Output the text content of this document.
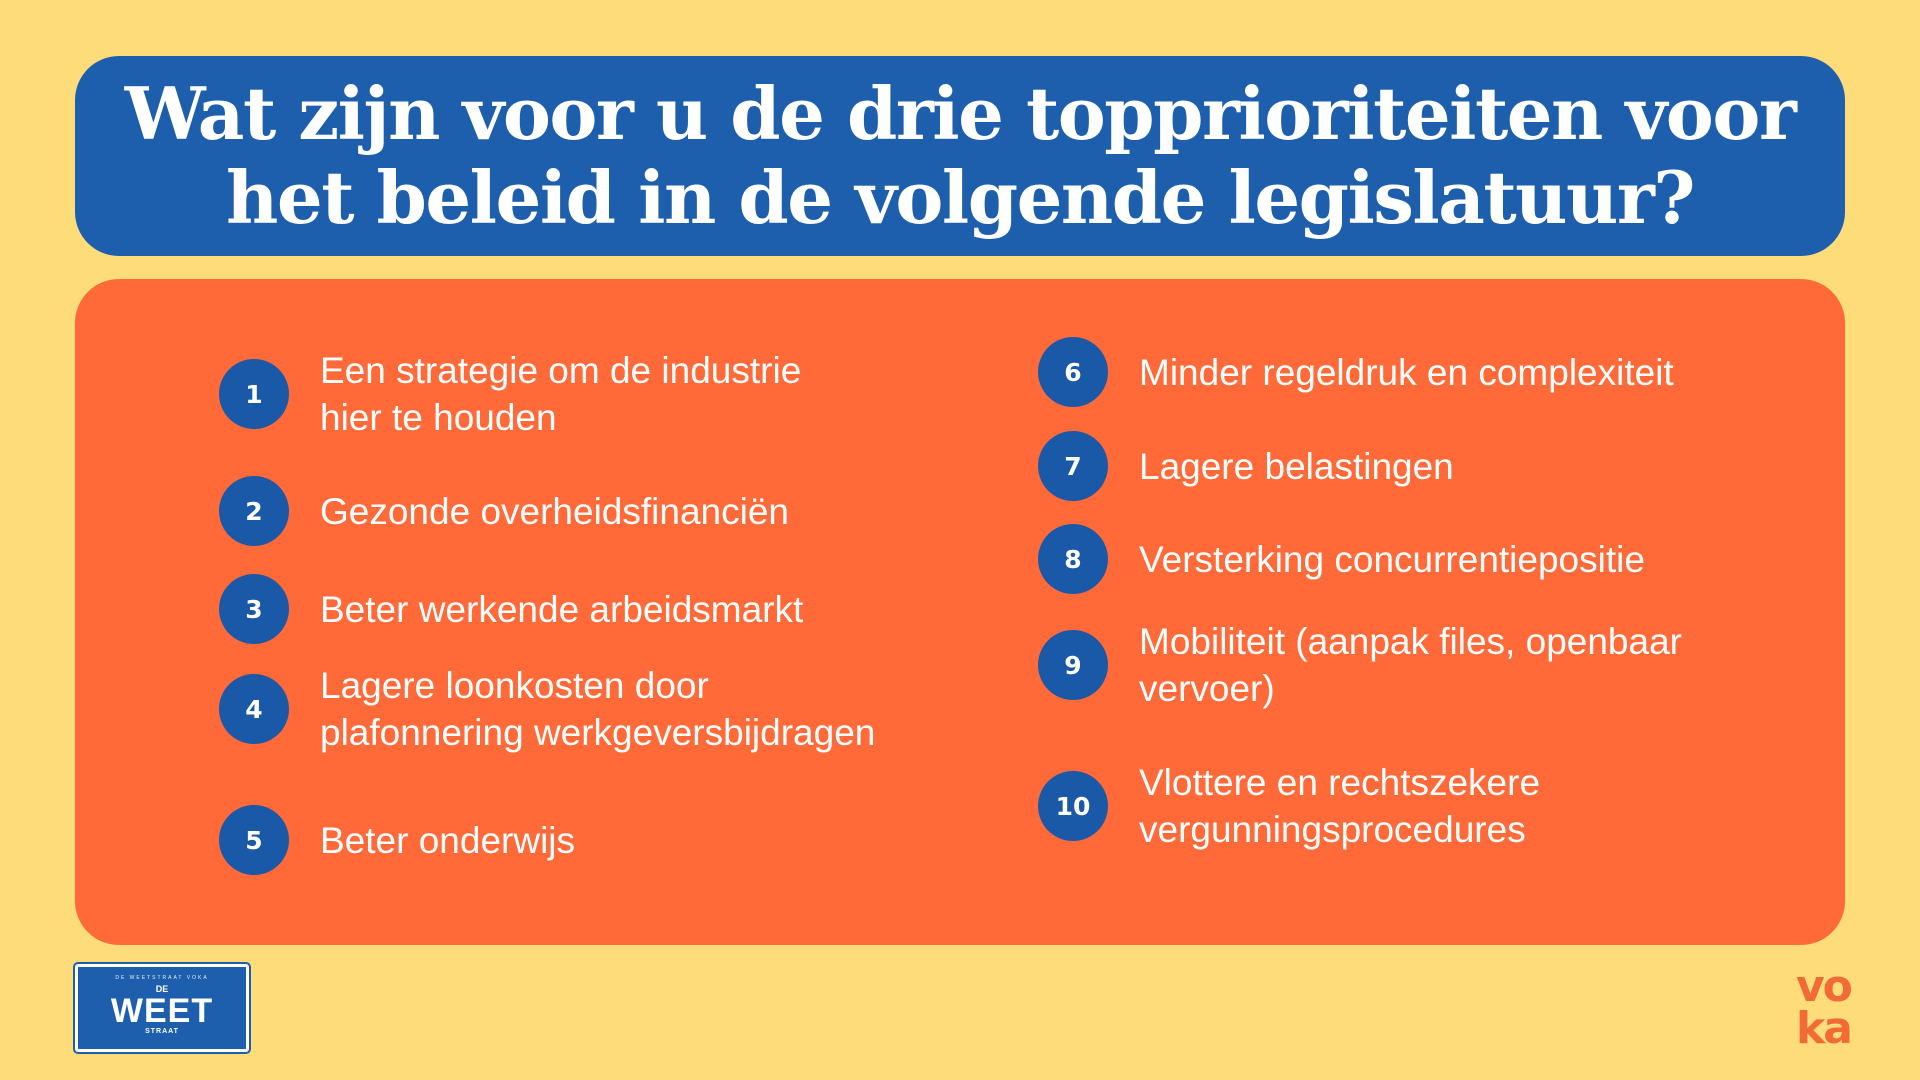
Wat zijn voor u de drie topprioriteiten voor
het beleid in de volgende legislatuur?
1
Een strategie om de industrie
hier te houden
2	Gezonde overheidsfinanciën
3	Beter werkende arbeidsmarkt
4
Lagere loonkosten door
plafonnering werkgeversbijdragen
5	Beter onderwijs
6	Minder regeldruk en complexiteit
7	Lagere belastingen
8	Versterking concurrentiepositie
9
Mobiliteit (aanpak files, openbaar
vervoer)
10
Vlottere en rechtszekere
vergunningsprocedures
DE WEETSTRAAT VOKA
DE
WEET
STRAAT
vo
ka
